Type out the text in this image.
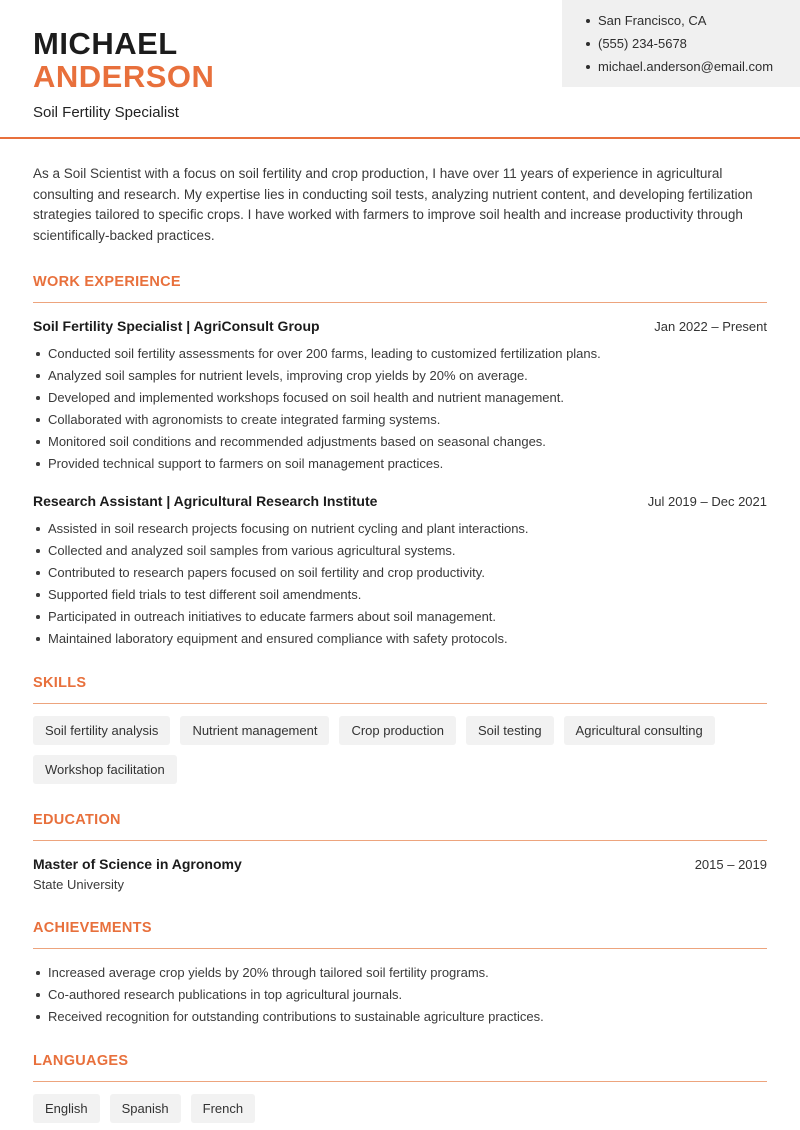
MICHAEL
ANDERSON
Soil Fertility Specialist
San Francisco, CA
(555) 234-5678
michael.anderson@email.com

As a Soil Scientist with a focus on soil fertility and crop production, I have over 11 years of experience in agricultural consulting and research. My expertise lies in conducting soil tests, analyzing nutrient content, and developing fertilization strategies tailored to specific crops. I have worked with farmers to improve soil health and increase productivity through scientifically-backed practices.

WORK EXPERIENCE
Soil Fertility Specialist | AgriConsult Group	Jan 2022 – Present
Conducted soil fertility assessments for over 200 farms, leading to customized fertilization plans.
Analyzed soil samples for nutrient levels, improving crop yields by 20% on average.
Developed and implemented workshops focused on soil health and nutrient management.
Collaborated with agronomists to create integrated farming systems.
Monitored soil conditions and recommended adjustments based on seasonal changes.
Provided technical support to farmers on soil management practices.
Research Assistant | Agricultural Research Institute	Jul 2019 – Dec 2021
Assisted in soil research projects focusing on nutrient cycling and plant interactions.
Collected and analyzed soil samples from various agricultural systems.
Contributed to research papers focused on soil fertility and crop productivity.
Supported field trials to test different soil amendments.
Participated in outreach initiatives to educate farmers about soil management.
Maintained laboratory equipment and ensured compliance with safety protocols.
SKILLS
Soil fertility analysis	Nutrient management	Crop production	Soil testing	Agricultural consulting
Workshop facilitation
EDUCATION
Master of Science in Agronomy	2015 – 2019
State University
ACHIEVEMENTS
Increased average crop yields by 20% through tailored soil fertility programs.
Co-authored research publications in top agricultural journals.
Received recognition for outstanding contributions to sustainable agriculture practices.
LANGUAGES
English	Spanish	French
